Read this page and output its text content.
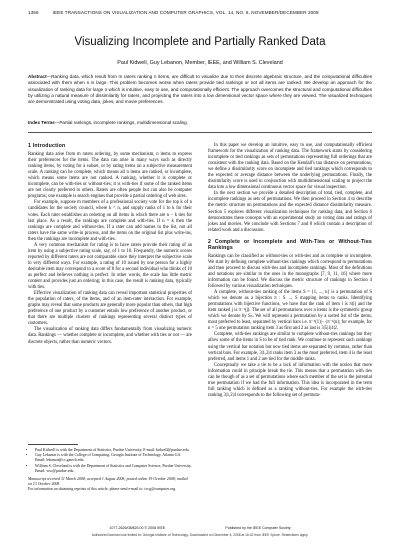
1356	IEEE TRANSACTIONS ON VISUALIZATION AND COMPUTER GRAPHICS, VOL. 14, NO. 6, NOVEMBER/DECEMBER 2008
Visualizing Incomplete and Partially Ranked Data
Paul Kidwell, Guy Lebanon, Member, IEEE, and William S. Cleveland
Abstract—Ranking data, which result from m raters ranking n items, are difficult to visualize due to their discrete algebraic structure, and the computational difficulties associated with them when n is large. This problem becomes worse when raters provide tied rankings or not all items are ranked. We develop an approach for the visualization of ranking data for large n which is intuitive, easy to use, and computationally efficient. The approach overcomes the structural and computational difficulties by utilizing a natural measure of dissimilarity for raters, and projecting the raters into a low dimensional vector space where they are viewed. The visualized techniques are demonstrated using voting data, jokes, and movie preferences.
Index Terms—Partial rankings, incomplete rankings, multidimensional scaling.
1 Introduction

Ranking data arise from m raters ordering, by some mechanism, n items to express their preferences for the items. The data can arise in many ways such as directly ranking items, by voting for a subset, or by rating items on a subjective measurement scale. A ranking can be complete, which means all n items are ranked, or incomplete, which means some items are not ranked. A ranking, whether it is complete or incomplete, can be with-ties or without-ties; it is with-ties if some of the ranked items are not clearly preferred to others. Raters are often people but can also be computer programs; one example is search engines that provide a partial ordering of web sites.

For example, suppose m members of a professional society vote for the top k of n candidates for the society council, where k < n, and supply ranks of 1 to k for their votes. Each rater establishes an ordering on all items in which there are n − k ties for last place. As a result, the rankings are complete and with-ties. If n = k then the rankings are complete and without-ties. If a rater can add names to the list, not all raters have the same write-in process, and the items on the original list plus write-ins, then the rankings are incomplete and with-ties.

A very common mechanism for rating is to have raters provide their rating of an item by using a subjective rating scale, say, of 1 to 10. Frequently, the numeric scores reported by different raters are not comparable since they interpret the subjective scale in very different ways. For example, a rating of 10 issued by one person for a highly desirable item may correspond to a score of 8 for a second individual who thinks of 10 as perfect and believes nothing is perfect. In other words, the scale has little metric content and provides just an ordering; in this case, the result is ranking data, typically with ties.

Effective visualization of ranking data can reveal important statistical properties of the population of raters, of the items, and of an item-rater interaction. For example, graphs may reveal that some products are generally more popular than others, that high preference of one product by a customer entails low preference of another product, or that there are multiple clusters of rankings representing several distinct types of customers.

The visualization of ranking data differs fundamentally from visualizing numeric data. Rankings — whether complete or incomplete, and whether with ties or not — are discrete objects, rather than numeric vectors.

• Paul Kidwell is with the Department of Statistics, Purdue University, E-mail: kidwell@purdue.edu.
• Guy Lebanon is with the College of Computing, Georgia Institute of Technology, Atlanta GA. Email: lebanon@cc.gatech.edu.
• William S. Cleveland is with the Department of Statistics and Computer Science, Purdue University, Email: wsc@purdue.edu.
Manuscript received 31 March 2008; accepted 1 August 2008; posted online 19 October 2008; mailed on 13 October 2008.
For information on obtaining reprints of this article, please send e-mail to: tvcg@computer.org.

In this paper we develop an intuitive, easy to use, and computationally efficient framework for the visualization of ranking data. The framework starts by considering incomplete or tied rankings as sets of permutations representing full orderings that are consistent with the ranking data. Based on the Kendall's tau distance on permutations, we define a dissimilarity score on incomplete and tied rankings which corresponds to the expected or average distance between the underlying permutations. Finally, the dissimilarity score is used in conjunction with multidimensional scaling to project the data into a low dimensional continuous vector space for visual inspection.

In the next section we provide a detailed description of total, tied, complete, and incomplete rankings as sets of permutations. We then proceed in Section 4 to describe the metric structure on permutations and the expected distance dissimilarity measure. Section 5 explores different visualization techniques for ranking data, and Section 6 demonstrates these concepts with an experimental study on voting data and ratings of jokes and movies. We conclude with Sections 7 and 8 which contain a description of related work and a discussion.

2 Complete or Incomplete and With-Ties or Without-Ties Rankings

Rankings can be classified as without-ties or with-ties and as complete or incomplete. We start by defining complete without-ties rankings which correspond to permutations and then proceed to discuss with-ties and incomplete rankings. Most of the definitions and notations are similar to the ones in the monographs [7, 9, 11, 16] where more information can be found. We discuss the metric structure of rankings in Section 4 followed by various visualization techniques.

A complete, without-ties ranking of the items S = {1, ..., n} is a permutation of S which we denote as a bijection π : S → S mapping items to ranks. Identifying permutations with bijective functions, we have that the rank of item i is π(i) and the item ranked j is π⁻¹(j). The set of all permutations over n items is the symmetric group which we denote by Sₙ. We will represent a permutation by a sorted list of the items, most preferred to least, separated by vertical bars i.e. π⁻¹(1)|···|π⁻¹(n); for example, for n = 5 one permutation ranking item 3 as first and 2 as last is 3|5|1|4|2.

Complete, with-ties rankings are similar to complete without-ties rankings but they allow some of the items in S to be of tied rank. We continue to represent such rankings using the vertical bar notation but now tied items are separated by commas, rather than vertical bars. For example, 3|1,2|4 ranks item 3 as the most preferred, item 4 is the least preferred, and items 1 and 2 are tied for the middle ranks.

Conceptually we take a tie to be a lack of information with the notion that more information could in principle break the tie. This means that a permutation with ties can be though of as a set of permutations where each member of the set is the potential true permutation if we had the full information. This idea is incorporated in the term full ranking which is defined as a ranking without-ties. For example the with-ties ranking 3|1,2|4 corresponds to the following set of permuta-

1077-2626/08/$25.00 © 2008 IEEE	Published by the IEEE Computer Society
Authorized licensed use limited to: Georgia Institute of Technology. Downloaded on December 4, 2008 at 16:42 from IEEE Xplore. Restrictions apply.
